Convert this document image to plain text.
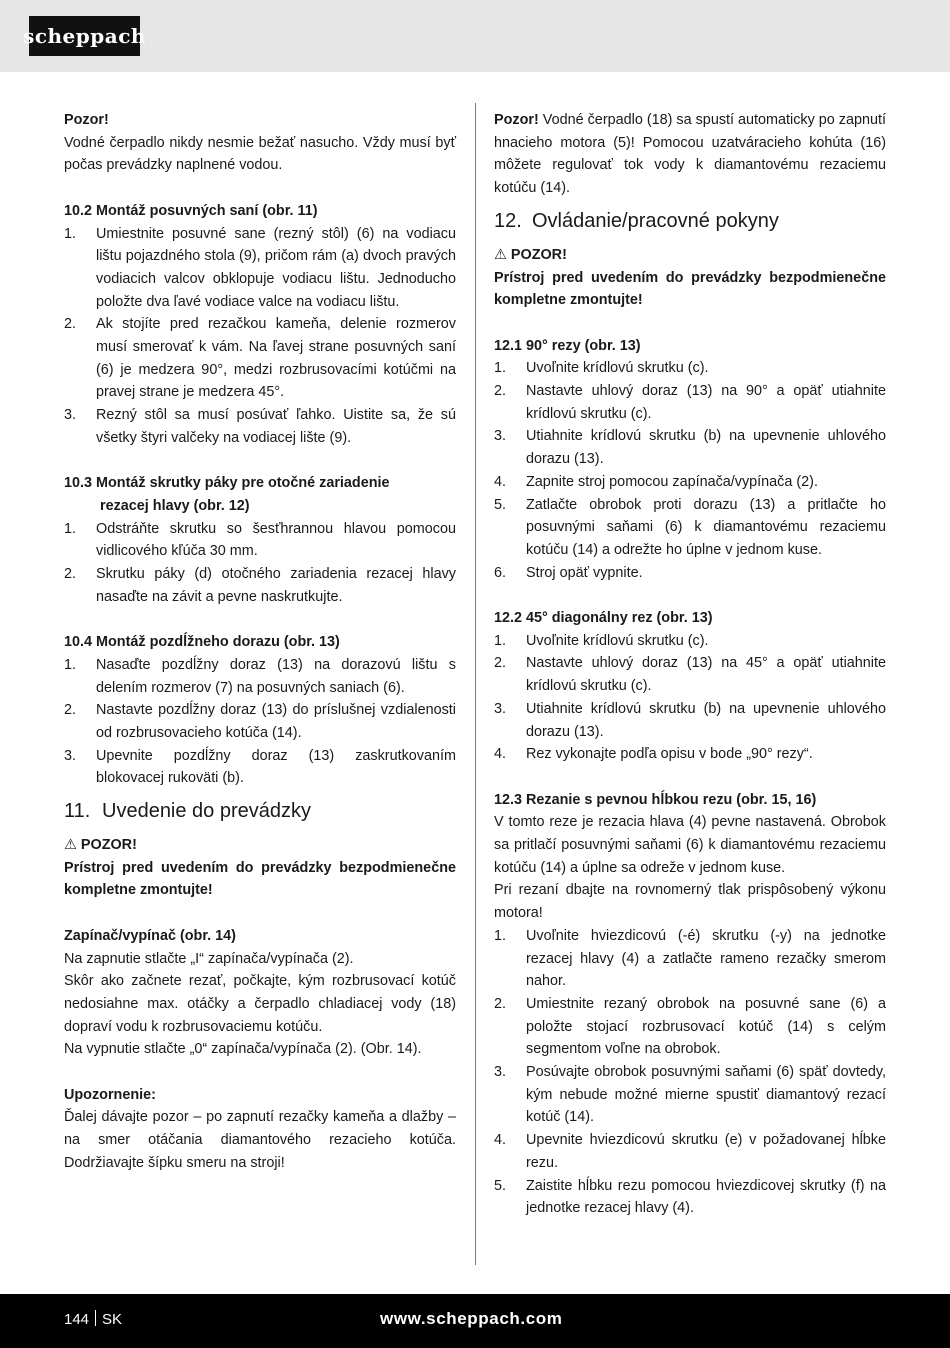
scheppach

Pozor!

Vodné čerpadlo nikdy nesmie bežať nasucho. Vždy musí byť počas prevádzky naplnené vodou.

10.2 Montáž posuvných saní (obr. 11)

1. Umiestnite posuvné sane (rezný stôl) (6) na vodiacu lištu pojazdného stola (9), pričom rám (a) dvoch pravých vodiacich valcov obklopuje vodiacu lištu. Jednoducho položte dva ľavé vodiace valce na vodiacu lištu.
2. Ak stojíte pred rezačkou kameňa, delenie rozmerov musí smerovať k vám. Na ľavej strane posuvných saní (6) je medzera 90°, medzi rozbrusovacími kotúčmi na pravej strane je medzera 45°.
3. Rezný stôl sa musí posúvať ľahko. Uistite sa, že sú všetky štyri valčeky na vodiacej lište (9).

10.3 Montáž skrutky páky pre otočné zariadenie

rezacej hlavy (obr. 12)

1. Odstráňte skrutku so šesťhrannou hlavou pomocou vidlicového kľúča 30 mm.
2. Skrutku páky (d) otočného zariadenia rezacej hlavy nasaďte na závit a pevne naskrutkujte.

10.4 Montáž pozdĺžneho dorazu (obr. 13)

1. Nasaďte pozdĺžny doraz (13) na dorazovú lištu s delením rozmerov (7) na posuvných saniach (6).
2. Nastavte pozdĺžny doraz (13) do príslušnej vzdialenosti od rozbrusovacieho kotúča (14).
3. Upevnite pozdĺžny doraz (13) zaskrutkovaním blokovacej rukoväti (b).

11. Uvedenie do prevádzky

⚠ POZOR!

Prístroj pred uvedením do prevádzky bezpodmienečne kompletne zmontujte!

Zapínač/vypínač (obr. 14)

Na zapnutie stlačte „I“ zapínača/vypínača (2).

Skôr ako začnete rezať, počkajte, kým rozbrusovací kotúč nedosiahne max. otáčky a čerpadlo chladiacej vody (18) dopraví vodu k rozbrusovaciemu kotúču.

Na vypnutie stlačte „0“ zapínača/vypínača (2). (Obr. 14).

Upozornenie:

Ďalej dávajte pozor – po zapnutí rezačky kameňa a dlažby – na smer otáčania diamantového rezacieho kotúča. Dodržiavajte šípku smeru na stroji!

Pozor! Vodné čerpadlo (18) sa spustí automaticky po zapnutí hnacieho motora (5)! Pomocou uzatváracieho kohúta (16) môžete regulovať tok vody k diamantovému rezaciemu kotúču (14).

12. Ovládanie/pracovné pokyny

⚠ POZOR!

Prístroj pred uvedením do prevádzky bezpodmienečne kompletne zmontujte!

12.1 90° rezy (obr. 13)

1. Uvoľnite krídlovú skrutku (c).
2. Nastavte uhlový doraz (13) na 90° a opäť utiahnite krídlovú skrutku (c).
3. Utiahnite krídlovú skrutku (b) na upevnenie uhlového dorazu (13).
4. Zapnite stroj pomocou zapínača/vypínača (2).
5. Zatlačte obrobok proti dorazu (13) a pritlačte ho posuvnými saňami (6) k diamantovému rezaciemu kotúču (14) a odrežte ho úplne v jednom kuse.
6. Stroj opäť vypnite.

12.2 45° diagonálny rez (obr. 13)

1. Uvoľnite krídlovú skrutku (c).
2. Nastavte uhlový doraz (13) na 45° a opäť utiahnite krídlovú skrutku (c).
3. Utiahnite krídlovú skrutku (b) na upevnenie uhlového dorazu (13).
4. Rez vykonajte podľa opisu v bode „90° rezy“.

12.3 Rezanie s pevnou hĺbkou rezu (obr. 15, 16)

V tomto reze je rezacia hlava (4) pevne nastavená. Obrobok sa pritlačí posuvnými saňami (6) k diamantovému rezaciemu kotúču (14) a úplne sa odreže v jednom kuse.

Pri rezaní dbajte na rovnomerný tlak prispôsobený výkonu motora!

1. Uvoľnite hviezdicovú (-é) skrutku (-y) na jednotke rezacej hlavy (4) a zatlačte rameno rezačky smerom nahor.
2. Umiestnite rezaný obrobok na posuvné sane (6) a položte stojací rozbrusovací kotúč (14) s celým segmentom voľne na obrobok.
3. Posúvajte obrobok posuvnými saňami (6) späť dovtedy, kým nebude možné mierne spustiť diamantový rezací kotúč (14).
4. Upevnite hviezdicovú skrutku (e) v požadovanej hĺbke rezu.
5. Zaistite hĺbku rezu pomocou hviezdicovej skrutky (f) na jednotke rezacej hlavy (4).
144 SK	www.scheppach.com
